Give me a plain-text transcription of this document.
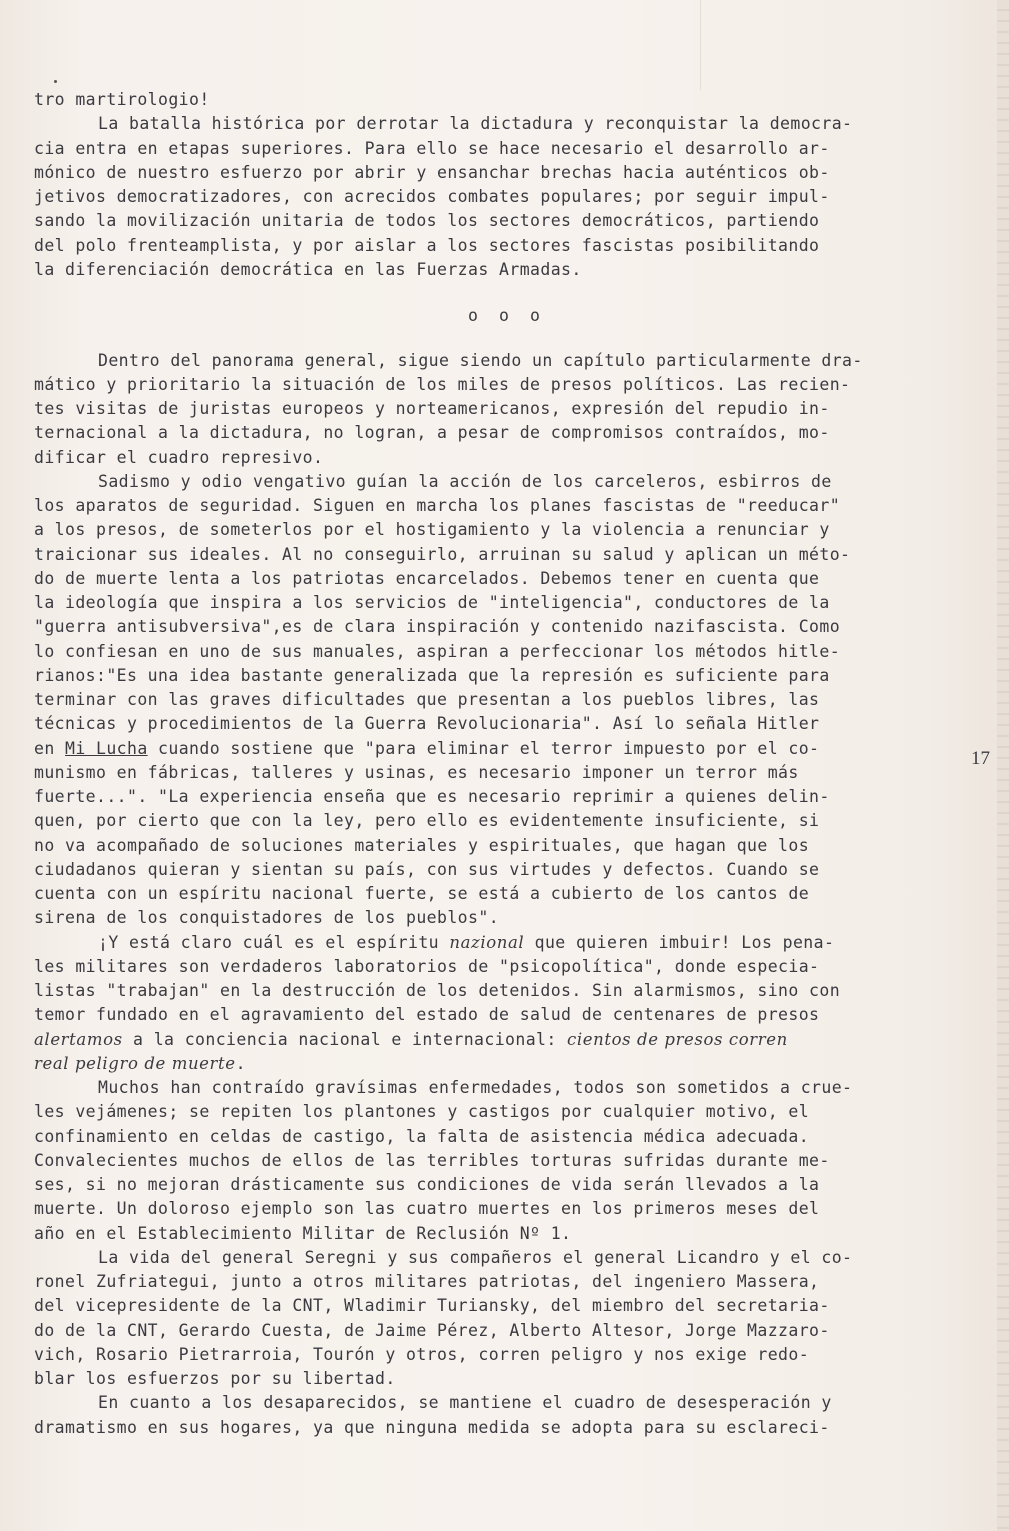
tro martirologio!
La batalla histórica por derrotar la dictadura y reconquistar la democra-
cia entra en etapas superiores. Para ello se hace necesario el desarrollo ar-
mónico de nuestro esfuerzo por abrir y ensanchar brechas hacia auténticos ob-
jetivos democratizadores, con acrecidos combates populares; por seguir impul-
sando la movilización unitaria de todos los sectores democráticos, partiendo
del polo frenteamplista, y por aislar a los sectores fascistas posibilitando
la diferenciación democrática en las Fuerzas Armadas.
o  o  o
Dentro del panorama general, sigue siendo un capítulo particularmente dra-
mático y prioritario la situación de los miles de presos políticos. Las recien-
tes visitas de juristas europeos y norteamericanos, expresión del repudio in-
ternacional a la dictadura, no logran, a pesar de compromisos contraídos, mo-
dificar el cuadro represivo.
Sadismo y odio vengativo guían la acción de los carceleros, esbirros de
los aparatos de seguridad. Siguen en marcha los planes fascistas de "reeducar"
a los presos, de someterlos por el hostigamiento y la violencia a renunciar y
traicionar sus ideales. Al no conseguirlo, arruinan su salud y aplican un méto-
do de muerte lenta a los patriotas encarcelados. Debemos tener en cuenta que
la ideología que inspira a los servicios de "inteligencia", conductores de la
"guerra antisubversiva",es de clara inspiración y contenido nazifascista. Como
lo confiesan en uno de sus manuales, aspiran a perfeccionar los métodos hitle-
rianos:"Es una idea bastante generalizada que la represión es suficiente para
terminar con las graves dificultades que presentan a los pueblos libres, las
técnicas y procedimientos de la Guerra Revolucionaria". Así lo señala Hitler
en Mi Lucha cuando sostiene que "para eliminar el terror impuesto por el co-
munismo en fábricas, talleres y usinas, es necesario imponer un terror más
fuerte...". "La experiencia enseña que es necesario reprimir a quienes delin-
quen, por cierto que con la ley, pero ello es evidentemente insuficiente, si
no va acompañado de soluciones materiales y espirituales, que hagan que los
ciudadanos quieran y sientan su país, con sus virtudes y defectos. Cuando se
cuenta con un espíritu nacional fuerte, se está a cubierto de los cantos de
sirena de los conquistadores de los pueblos".
¡Y está claro cuál es el espíritu nazional que quieren imbuir! Los pena-
les militares son verdaderos laboratorios de "psicopolítica", donde especia-
listas "trabajan" en la destrucción de los detenidos. Sin alarmismos, sino con
temor fundado en el agravamiento del estado de salud de centenares de presos
alertamos a la conciencia nacional e internacional: cientos de presos corren
real peligro de muerte.
Muchos han contraído gravísimas enfermedades, todos son sometidos a crue-
les vejámenes; se repiten los plantones y castigos por cualquier motivo, el
confinamiento en celdas de castigo, la falta de asistencia médica adecuada.
Convalecientes muchos de ellos de las terribles torturas sufridas durante me-
ses, si no mejoran drásticamente sus condiciones de vida serán llevados a la
muerte. Un doloroso ejemplo son las cuatro muertes en los primeros meses del
año en el Establecimiento Militar de Reclusión Nº 1.
La vida del general Seregni y sus compañeros el general Licandro y el co-
ronel Zufriategui, junto a otros militares patriotas, del ingeniero Massera,
del vicepresidente de la CNT, Wladimir Turiansky, del miembro del secretaria-
do de la CNT, Gerardo Cuesta, de Jaime Pérez, Alberto Altesor, Jorge Mazzaro-
vich, Rosario Pietrarroia, Tourón y otros, corren peligro y nos exige redo-
blar los esfuerzos por su libertad.
En cuanto a los desaparecidos, se mantiene el cuadro de desesperación y
dramatismo en sus hogares, ya que ninguna medida se adopta para su esclareci-
17
